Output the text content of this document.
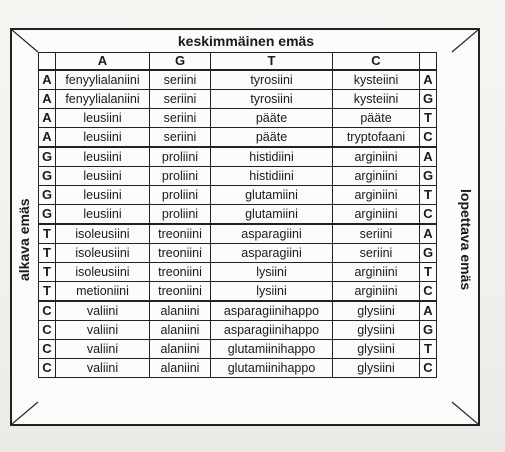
keskimmäinen emäs
alkava emäs	lopettava emäs
	A	G	T	C	
A	fenyylialaniini	seriini	tyrosiini	kysteiini	A
A	fenyylialaniini	seriini	tyrosiini	kysteiini	G
A	leusiini	seriini	pääte	pääte	T
A	leusiini	seriini	pääte	tryptofaani	C
G	leusiini	proliini	histidiini	arginiini	A
G	leusiini	proliini	histidiini	arginiini	G
G	leusiini	proliini	glutamiini	arginiini	T
G	leusiini	proliini	glutamiini	arginiini	C
T	isoleusiini	treoniini	asparagiini	seriini	A
T	isoleusiini	treoniini	asparagiini	seriini	G
T	isoleusiini	treoniini	lysiini	arginiini	T
T	metioniini	treoniini	lysiini	arginiini	C
C	valiini	alaniini	asparagiinihappo	glysiini	A
C	valiini	alaniini	asparagiinihappo	glysiini	G
C	valiini	alaniini	glutamiinihappo	glysiini	T
C	valiini	alaniini	glutamiinihappo	glysiini	C
